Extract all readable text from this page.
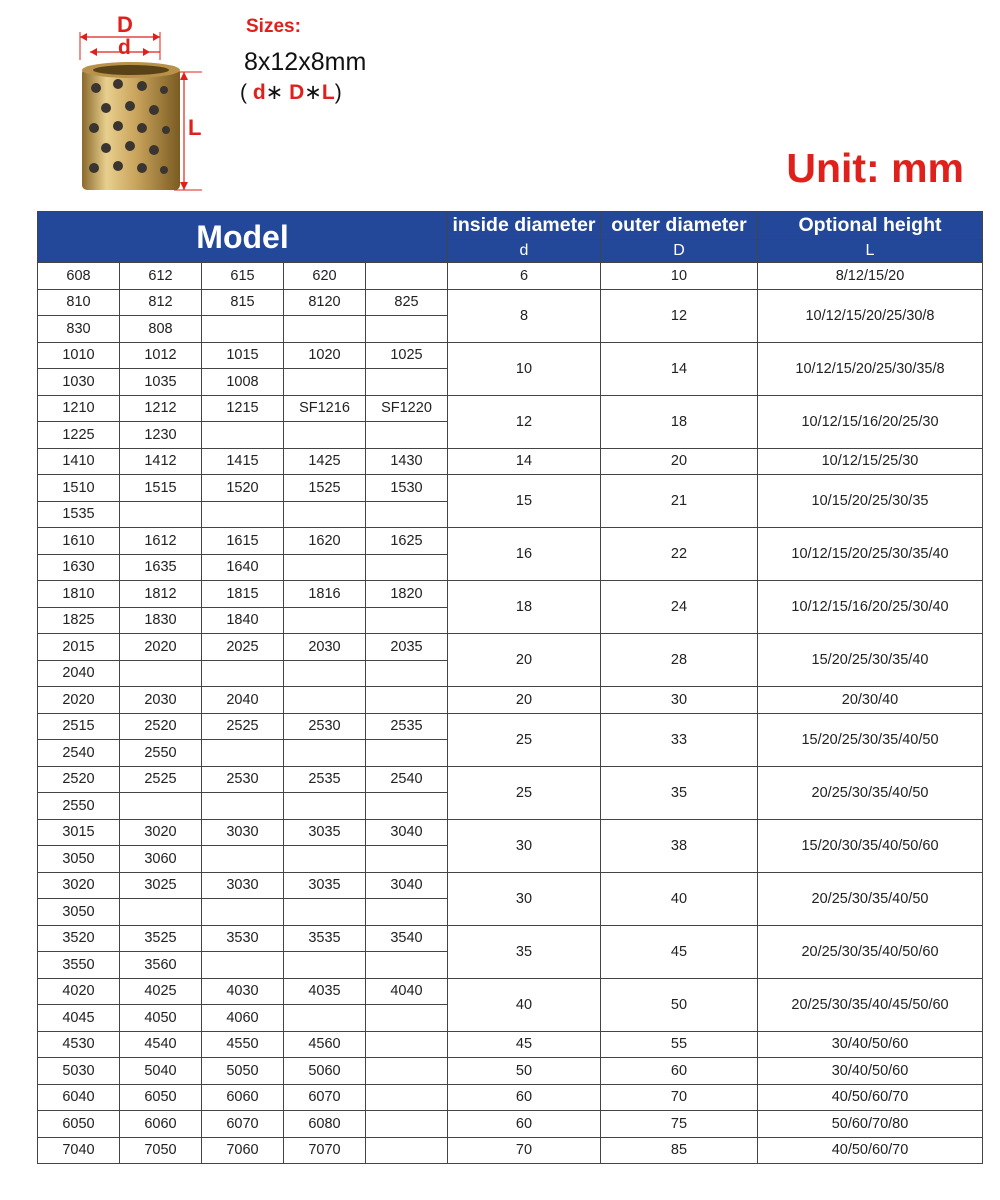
D
d
L
Sizes:
8x12x8mm
( d∗ D∗L)
Unit: mm
Model					inside diameter	outer diameter	Optional height
					d	D	L
608	612	615	620		6	10	8/12/15/20
810	812	815	8120	825	8	12	10/12/15/20/25/30/8
830	808						
1010	1012	1015	1020	1025	10	14	10/12/15/20/25/30/35/8
1030	1035	1008					
1210	1212	1215	SF1216	SF1220	12	18	10/12/15/16/20/25/30
1225	1230						
1410	1412	1415	1425	1430	14	20	10/12/15/25/30
1510	1515	1520	1525	1530	15	21	10/15/20/25/30/35
1535							
1610	1612	1615	1620	1625	16	22	10/12/15/20/25/30/35/40
1630	1635	1640					
1810	1812	1815	1816	1820	18	24	10/12/15/16/20/25/30/40
1825	1830	1840					
2015	2020	2025	2030	2035	20	28	15/20/25/30/35/40
2040							
2020	2030	2040			20	30	20/30/40
2515	2520	2525	2530	2535	25	33	15/20/25/30/35/40/50
2540	2550						
2520	2525	2530	2535	2540	25	35	20/25/30/35/40/50
2550							
3015	3020	3030	3035	3040	30	38	15/20/30/35/40/50/60
3050	3060						
3020	3025	3030	3035	3040	30	40	20/25/30/35/40/50
3050							
3520	3525	3530	3535	3540	35	45	20/25/30/35/40/50/60
3550	3560						
4020	4025	4030	4035	4040	40	50	20/25/30/35/40/45/50/60
4045	4050	4060					
4530	4540	4550	4560		45	55	30/40/50/60
5030	5040	5050	5060		50	60	30/40/50/60
6040	6050	6060	6070		60	70	40/50/60/70
6050	6060	6070	6080		60	75	50/60/70/80
7040	7050	7060	7070		70	85	40/50/60/70
